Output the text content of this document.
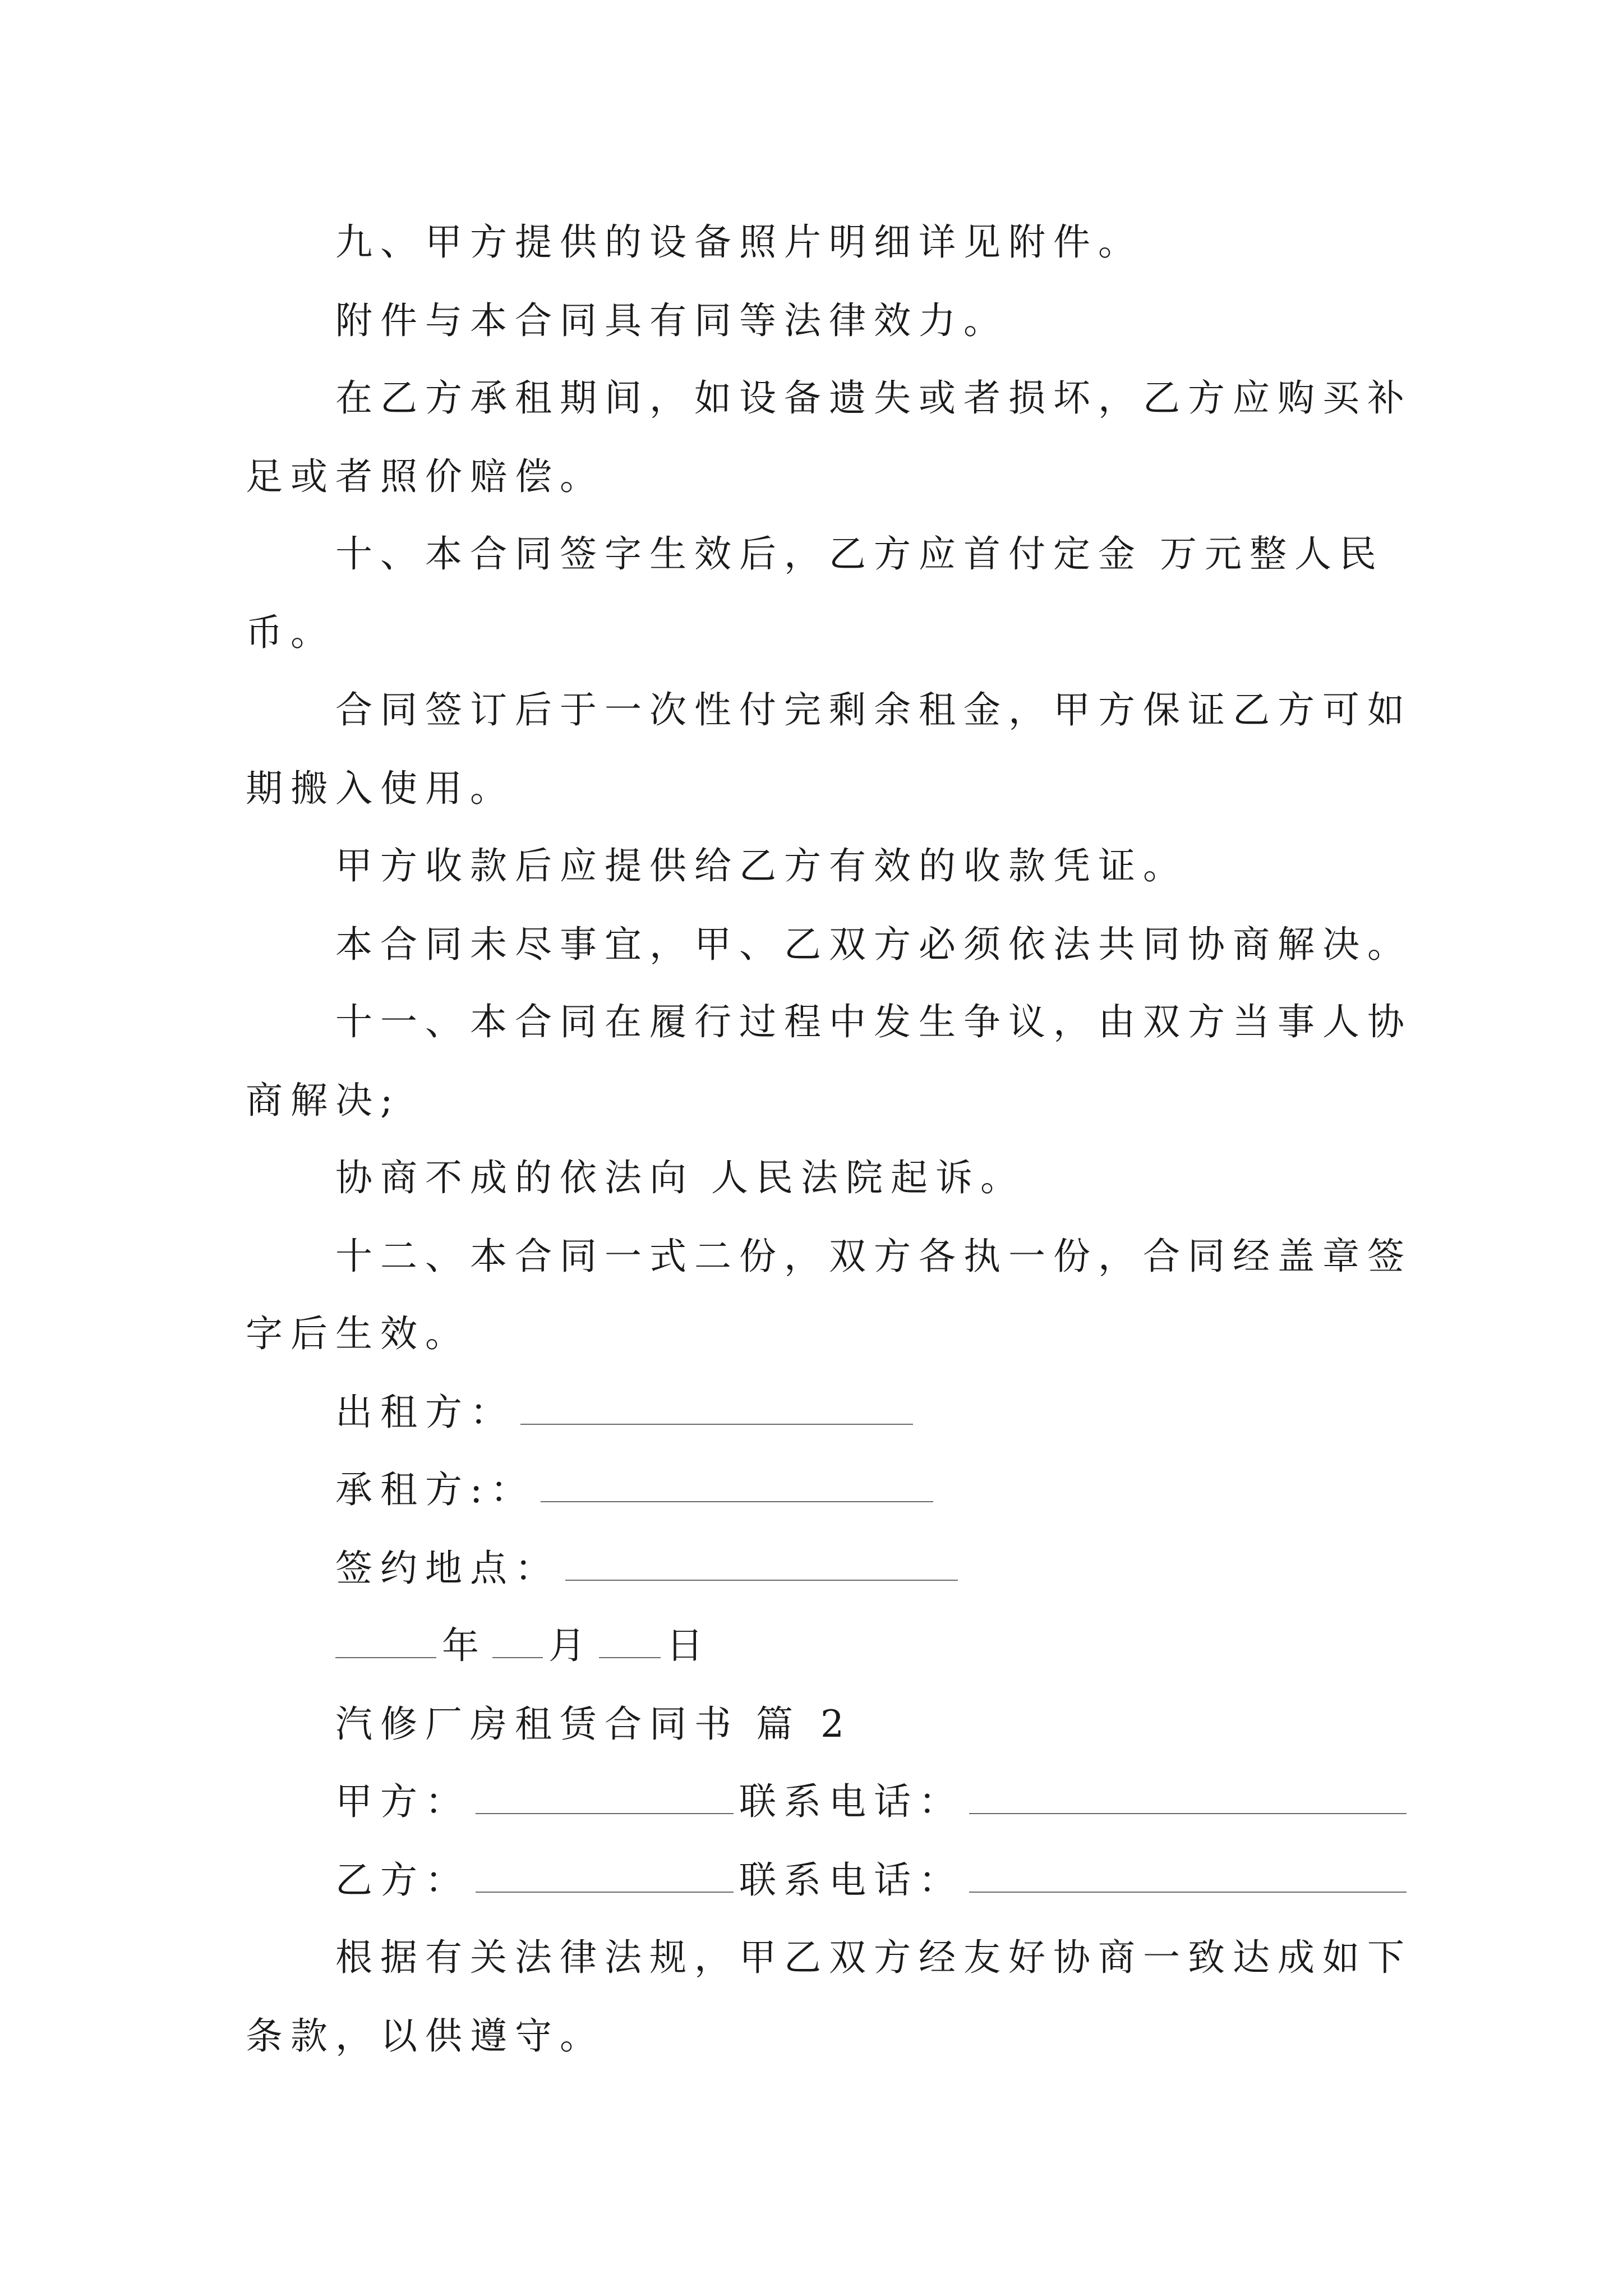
九、甲方提供的设备照片明细详见附件。

附件与本合同具有同等法律效力。

在乙方承租期间，如设备遗失或者损坏，乙方应购买补

足或者照价赔偿。

十、本合同签字生效后，乙方应首付定金 万元整人民

币。

合同签订后于一次性付完剩余租金，甲方保证乙方可如

期搬入使用。

甲方收款后应提供给乙方有效的收款凭证。

本合同未尽事宜，甲、乙双方必须依法共同协商解决。

十一、本合同在履行过程中发生争议，由双方当事人协

商解决;

协商不成的依法向 人民法院起诉。

十二、本合同一式二份，双方各执一份，合同经盖章签

字后生效。

出租方：

承租方:：

签约地点：

年 月 日

汽修厂房租赁合同书 篇 2

甲方：	联系电话：

乙方：	联系电话：

根据有关法律法规，甲乙双方经友好协商一致达成如下

条款，以供遵守。
